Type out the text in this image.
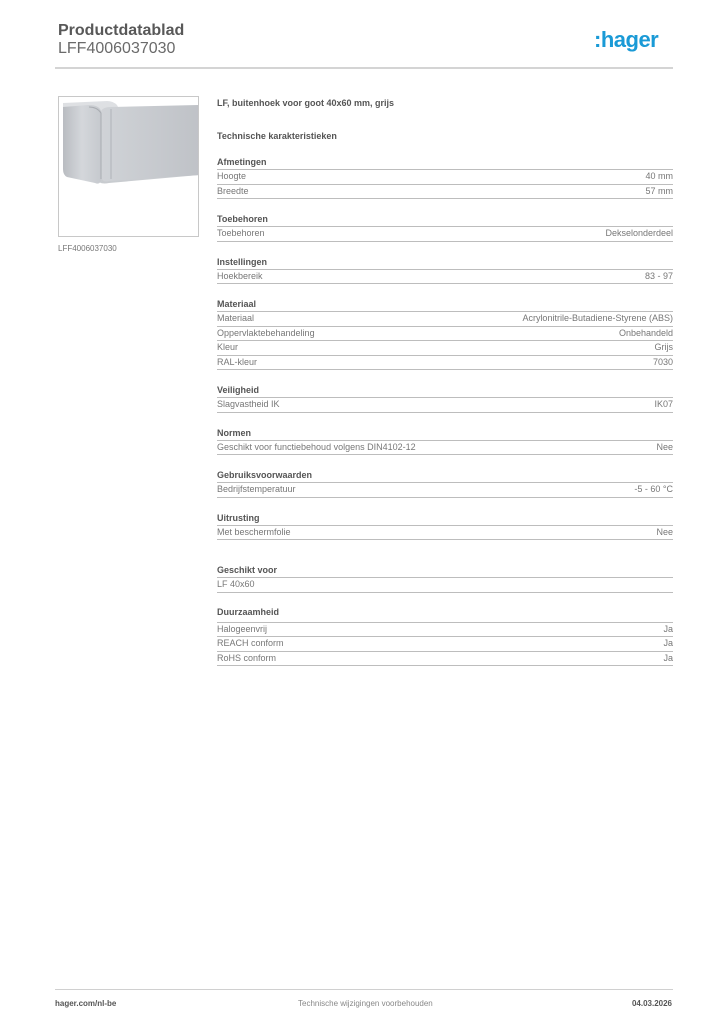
Productdatablad
LFF4006037030	:hager
LFF4006037030
LF, buitenhoek voor goot 40x60 mm, grijs
Technische karakteristieken
Afmetingen
Hoogte	40 mm
Breedte	57 mm
Toebehoren
Toebehoren	Dekselonderdeel
Instellingen
Hoekbereik	83 - 97
Materiaal
Materiaal	Acrylonitrile-Butadiene-Styrene (ABS)
Oppervlaktebehandeling	Onbehandeld
Kleur	Grijs
RAL-kleur	7030
Veiligheid
Slagvastheid IK	IK07
Normen
Geschikt voor functiebehoud volgens DIN4102-12	Nee
Gebruiksvoorwaarden
Bedrijfstemperatuur	-5 - 60 °C
Uitrusting
Met beschermfolie	Nee
Geschikt voor
LF 40x60
Duurzaamheid
Halogeenvrij	Ja
REACH conform	Ja
RoHS conform	Ja
hager.com/nl-be	Technische wijzigingen voorbehouden	04.03.2026
